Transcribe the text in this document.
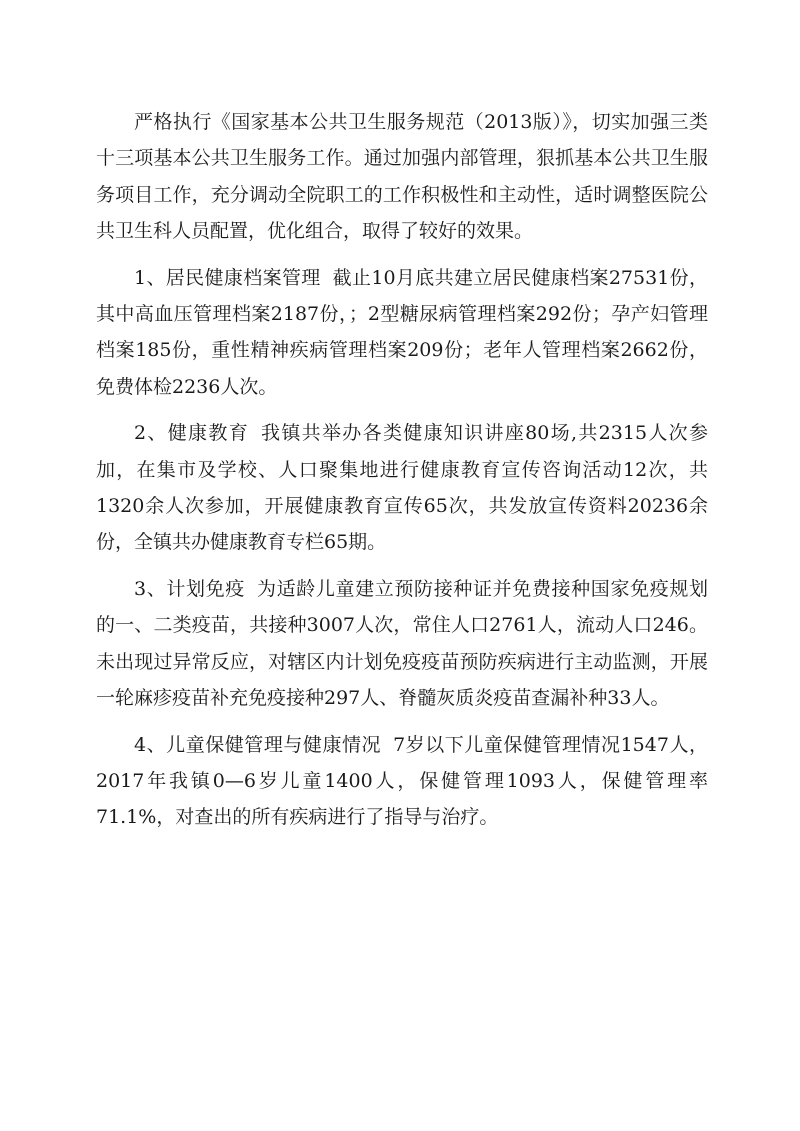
严格执行《国家基本公共卫生服务规范（2013版）》，切实加强三类十三项基本公共卫生服务工作。通过加强内部管理，狠抓基本公共卫生服务项目工作，充分调动全院职工的工作积极性和主动性，适时调整医院公共卫生科人员配置，优化组合，取得了较好的效果。

1、居民健康档案管理 截止10月底共建立居民健康档案27531份，其中高血压管理档案2187份，；2型糖尿病管理档案292份；孕产妇管理档案185份，重性精神疾病管理档案209份；老年人管理档案2662份，免费体检2236人次。

2、健康教育 我镇共举办各类健康知识讲座80场,共2315人次参加，在集市及学校、人口聚集地进行健康教育宣传咨询活动12次，共1320余人次参加，开展健康教育宣传65次，共发放宣传资料20236余份，全镇共办健康教育专栏65期。

3、计划免疫 为适龄儿童建立预防接种证并免费接种国家免疫规划的一、二类疫苗，共接种3007人次，常住人口2761人，流动人口246。未出现过异常反应，对辖区内计划免疫疫苗预防疾病进行主动监测，开展一轮麻疹疫苗补充免疫接种297人、脊髓灰质炎疫苗查漏补种33人。

4、儿童保健管理与健康情况 7岁以下儿童保健管理情况1547人，2017年我镇0—6岁儿童1400人，保健管理1093人，保健管理率71.1%，对查出的所有疾病进行了指导与治疗。
